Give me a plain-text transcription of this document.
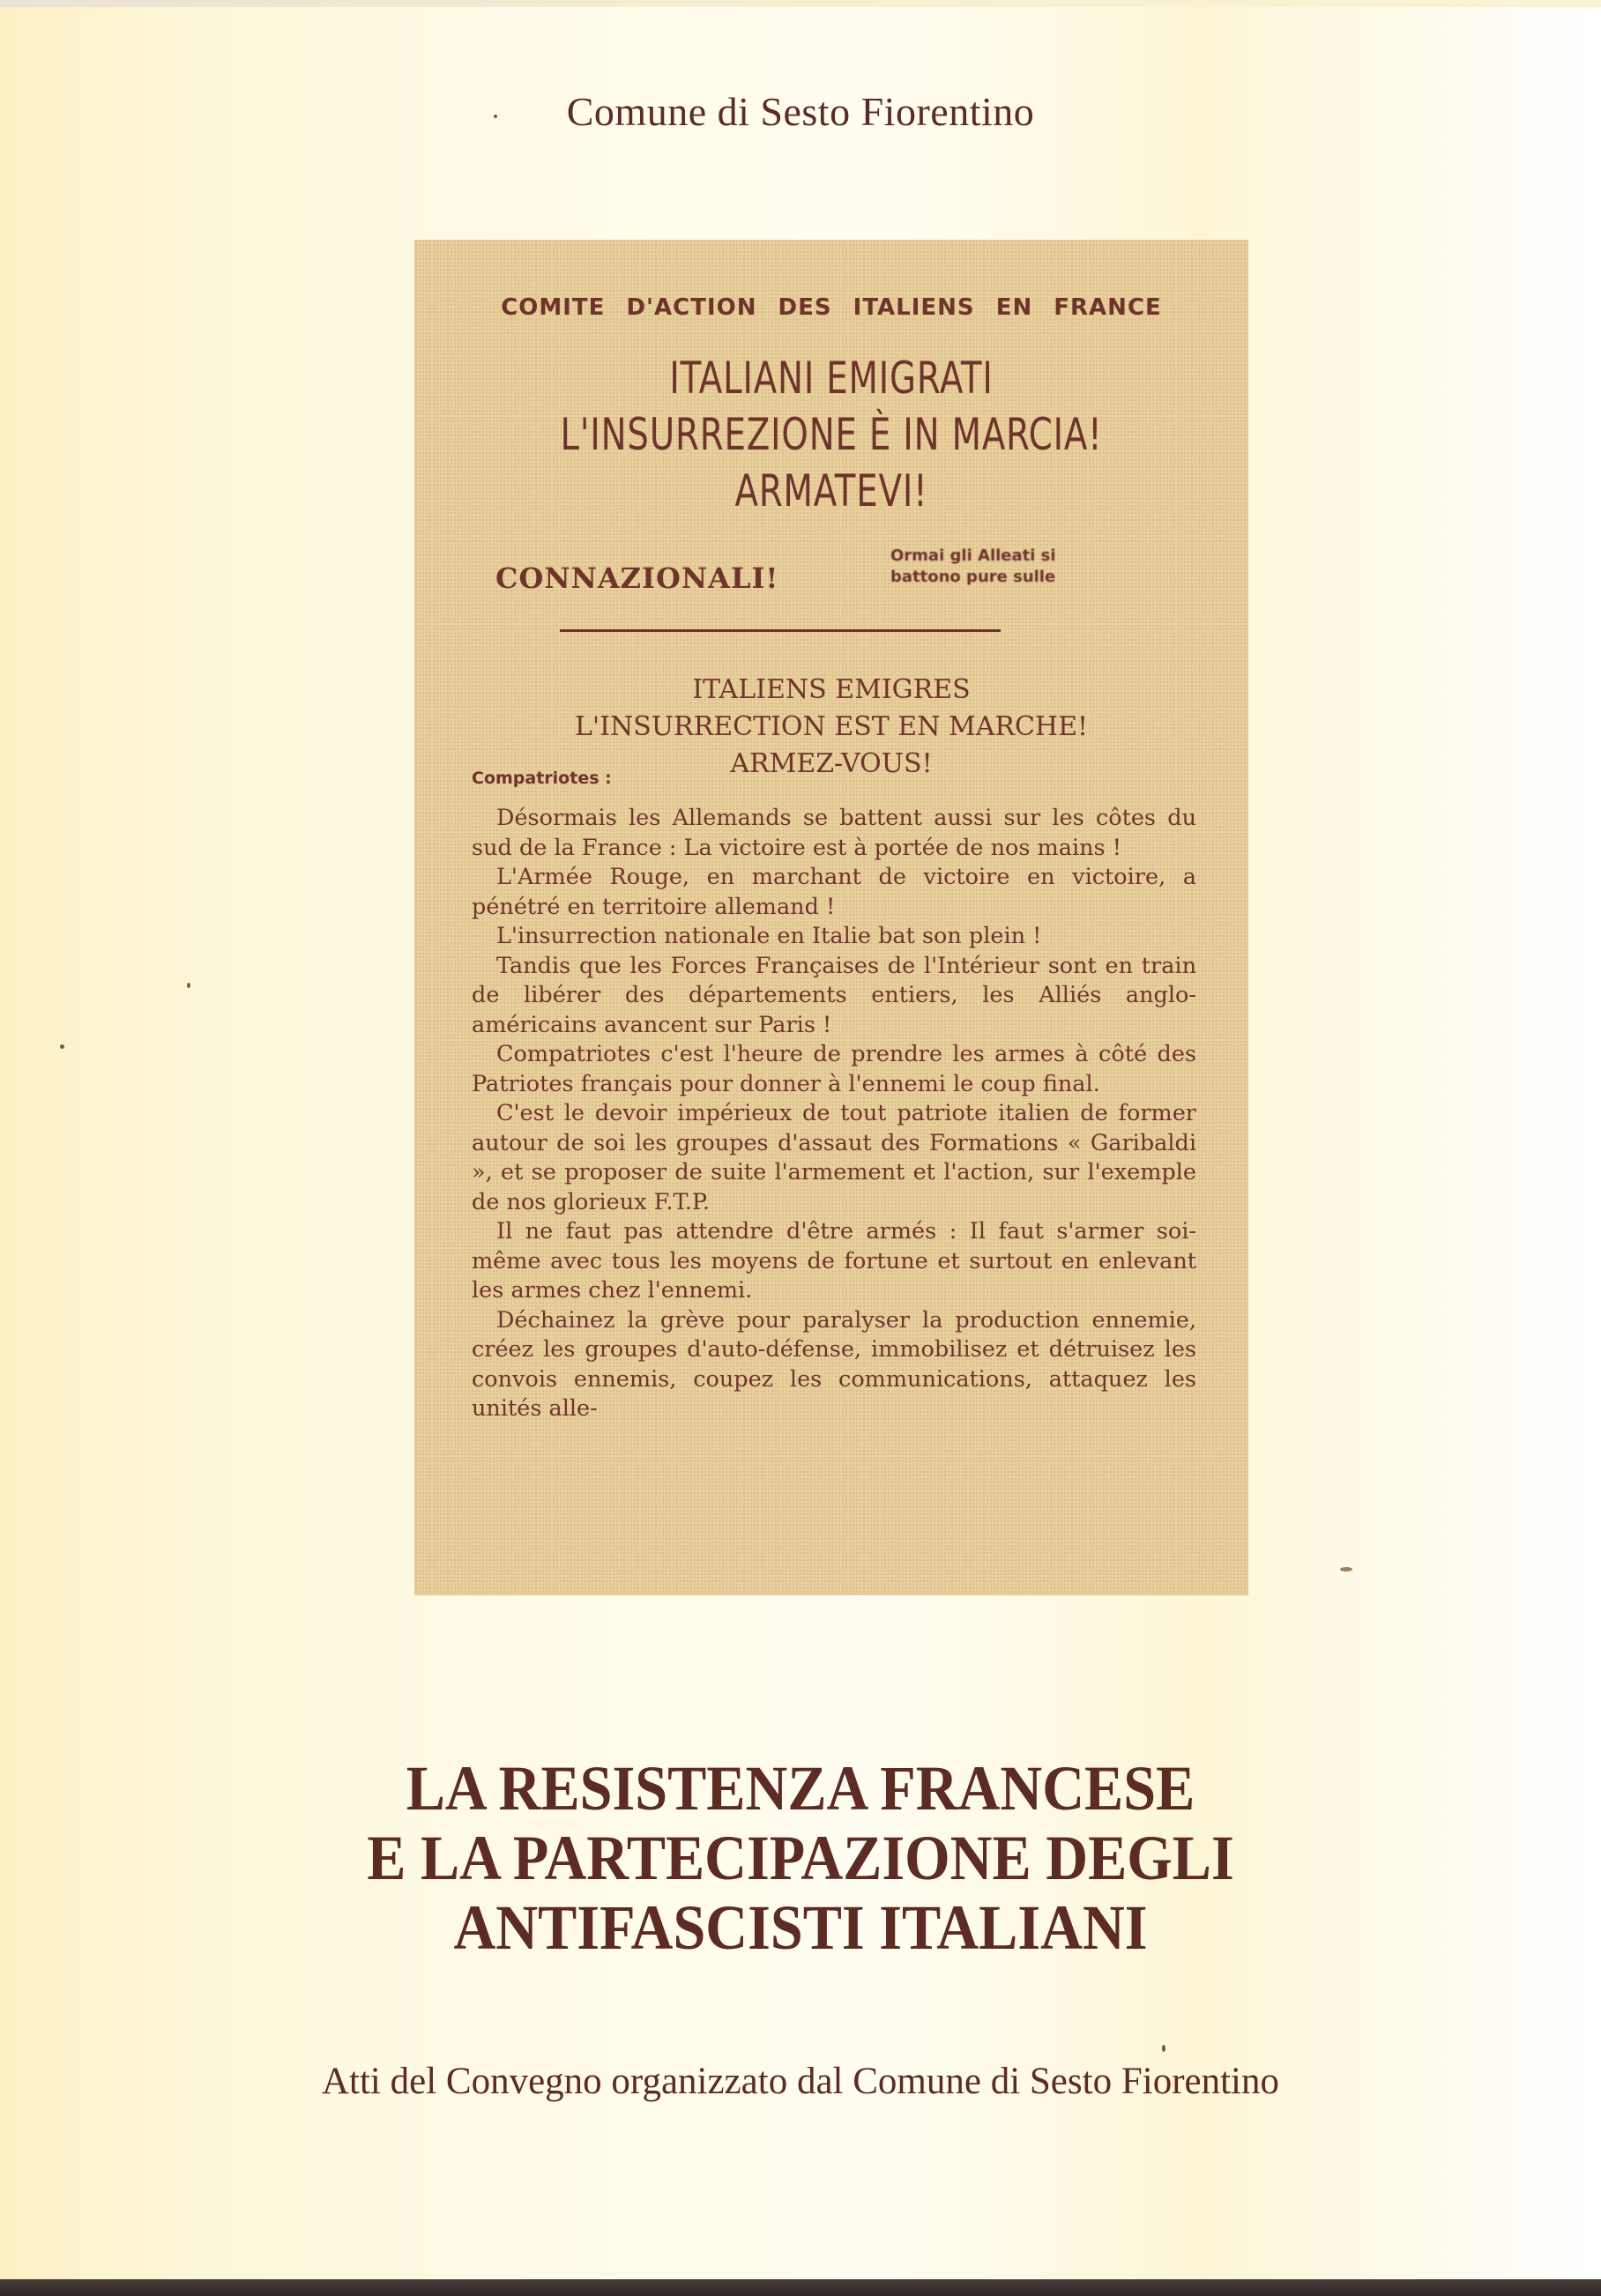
Comune di Sesto Fiorentino
COMITE D'ACTION DES ITALIENS EN FRANCE
ITALIANI EMIGRATI
L'INSURREZIONE È IN MARCIA!
ARMATEVI!
CONNAZIONALI!
Ormai gli Alleati si
battono pure sulle
ITALIENS EMIGRES
L'INSURRECTION EST EN MARCHE!
ARMEZ-VOUS!
Compatriotes :

Désormais les Allemands se battent aussi sur les côtes du sud de la France : La victoire est à portée de nos mains !

L'Armée Rouge, en marchant de victoire en victoire, a pénétré en territoire allemand !

L'insurrection nationale en Italie bat son plein !

Tandis que les Forces Françaises de l'Intérieur sont en train de libérer des départements entiers, les Alliés anglo-américains avancent sur Paris !

Compatriotes c'est l'heure de prendre les armes à côté des Patriotes français pour donner à l'ennemi le coup final.

C'est le devoir impérieux de tout patriote italien de former autour de soi les groupes d'assaut des Formations « Garibaldi », et se proposer de suite l'armement et l'action, sur l'exemple de nos glorieux F.T.P.

Il ne faut pas attendre d'être armés : Il faut s'armer soi-même avec tous les moyens de fortune et surtout en enlevant les armes chez l'ennemi.

Déchainez la grève pour paralyser la production ennemie, créez les groupes d'auto-défense, immobilisez et détruisez les convois ennemis, coupez les communications, attaquez les unités alle-

LA RESISTENZA FRANCESE
E LA PARTECIPAZIONE DEGLI
ANTIFASCISTI ITALIANI
Atti del Convegno organizzato dal Comune di Sesto Fiorentino
